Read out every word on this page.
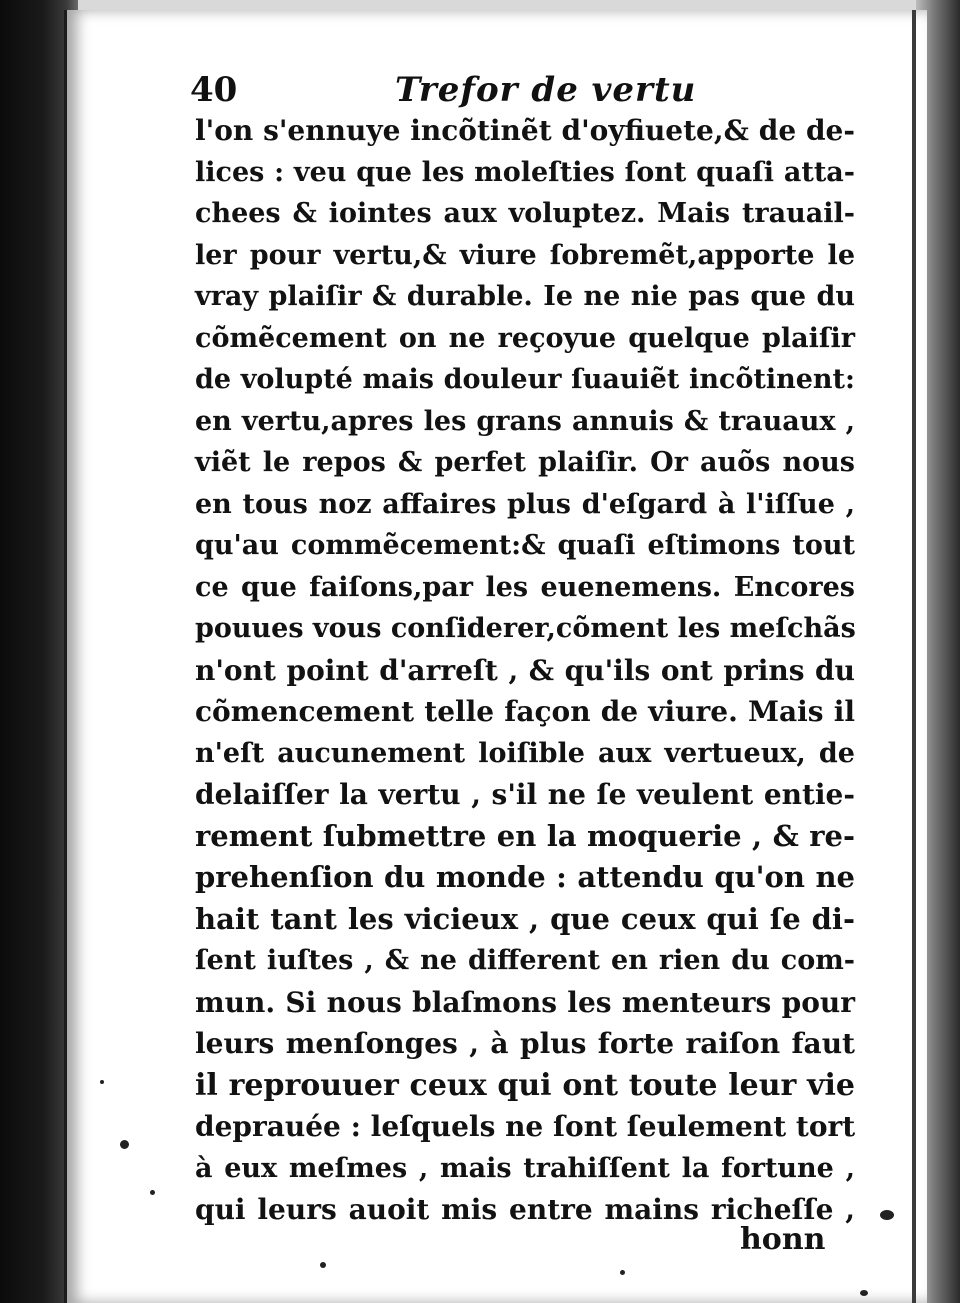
40	Trefor de vertu
l'on s'ennuye incõtinẽt d'oyfiuete,& de de-
lices : veu que les moleſties ſont quaſi atta-
chees & iointes aux voluptez. Mais trauail-
ler pour vertu,& viure ſobremẽt,apporte le
vray plaiſir & durable. Ie ne nie pas que du
cõmẽcement on ne reçoyue quelque plaiſir
de volupté mais douleur ſuauiẽt incõtinent:
en vertu,apres les grans annuis & trauaux ,
viẽt le repos & perfet plaiſir. Or auõs nous
en tous noz affaires plus d'eſgard à l'iſſue ,
qu'au commẽcement:& quaſi eſtimons tout
ce que faiſons,par les euenemens. Encores
pouues vous conſiderer,cõment les meſchãs
n'ont point d'arreſt , & qu'ils ont prins du
cõmencement telle façon de viure. Mais il
n'eſt aucunement loiſible aux vertueux, de
delaiſſer la vertu , s'il ne ſe veulent entie-
rement ſubmettre en la moquerie , & re-
prehenſion du monde : attendu qu'on ne
hait tant les vicieux , que ceux qui ſe di-
ſent iuſtes , & ne different en rien du com-
mun. Si nous blaſmons les menteurs pour
leurs menſonges , à plus forte raiſon faut
il reprouuer ceux qui ont toute leur vie
deprauée : leſquels ne ſont ſeulement tort
à eux meſmes , mais trahiſſent la fortune ,
qui leurs auoit mis entre mains richeſſe ,
honn
